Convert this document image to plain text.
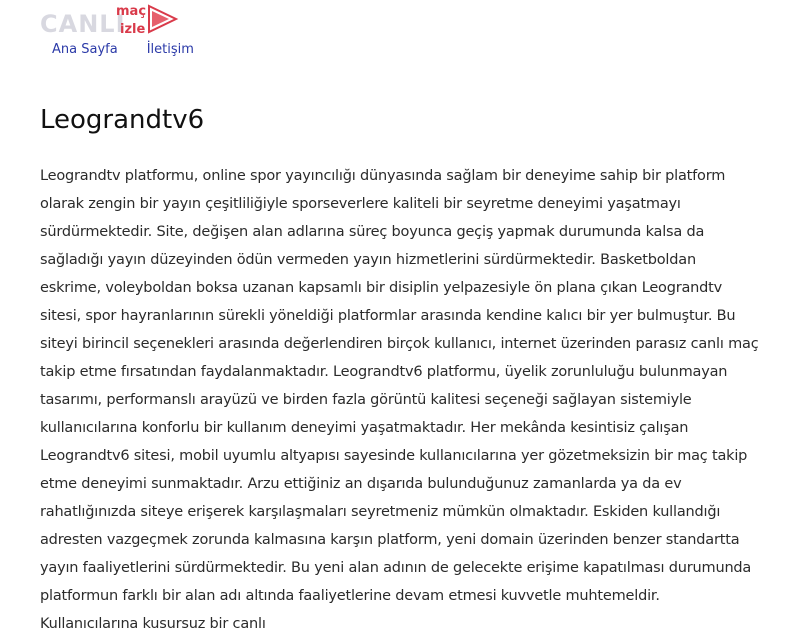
CANLI
maç
izle
Ana Sayfa İletişim
Leograndtv6

Leograndtv platformu, online spor yayıncılığı dünyasında sağlam bir deneyime sahip bir platform olarak zengin bir yayın çeşitliliğiyle sporseverlere kaliteli bir seyretme deneyimi yaşatmayı sürdürmektedir. Site, değişen alan adlarına süreç boyunca geçiş yapmak durumunda kalsa da sağladığı yayın düzeyinden ödün vermeden yayın hizmetlerini sürdürmektedir. Basketboldan eskrime, voleyboldan boksa uzanan kapsamlı bir disiplin yelpazesiyle ön plana çıkan Leograndtv sitesi, spor hayranlarının sürekli yöneldiği platformlar arasında kendine kalıcı bir yer bulmuştur. Bu siteyi birincil seçenekleri arasında değerlendiren birçok kullanıcı, internet üzerinden parasız canlı maç takip etme fırsatından faydalanmaktadır. Leograndtv6 platformu, üyelik zorunluluğu bulunmayan tasarımı, performanslı arayüzü ve birden fazla görüntü kalitesi seçeneği sağlayan sistemiyle kullanıcılarına konforlu bir kullanım deneyimi yaşatmaktadır. Her mekânda kesintisiz çalışan Leograndtv6 sitesi, mobil uyumlu altyapısı sayesinde kullanıcılarına yer gözetmeksizin bir maç takip etme deneyimi sunmaktadır. Arzu ettiğiniz an dışarıda bulunduğunuz zamanlarda ya da ev rahatlığınızda siteye erişerek karşılaşmaları seyretmeniz mümkün olmaktadır. Eskiden kullandığı adresten vazgeçmek zorunda kalmasına karşın platform, yeni domain üzerinden benzer standartta yayın faaliyetlerini sürdürmektedir. Bu yeni alan adının de gelecekte erişime kapatılması durumunda platformun farklı bir alan adı altında faaliyetlerine devam etmesi kuvvetle muhtemeldir. Kullanıcılarına kusursuz bir canlı
